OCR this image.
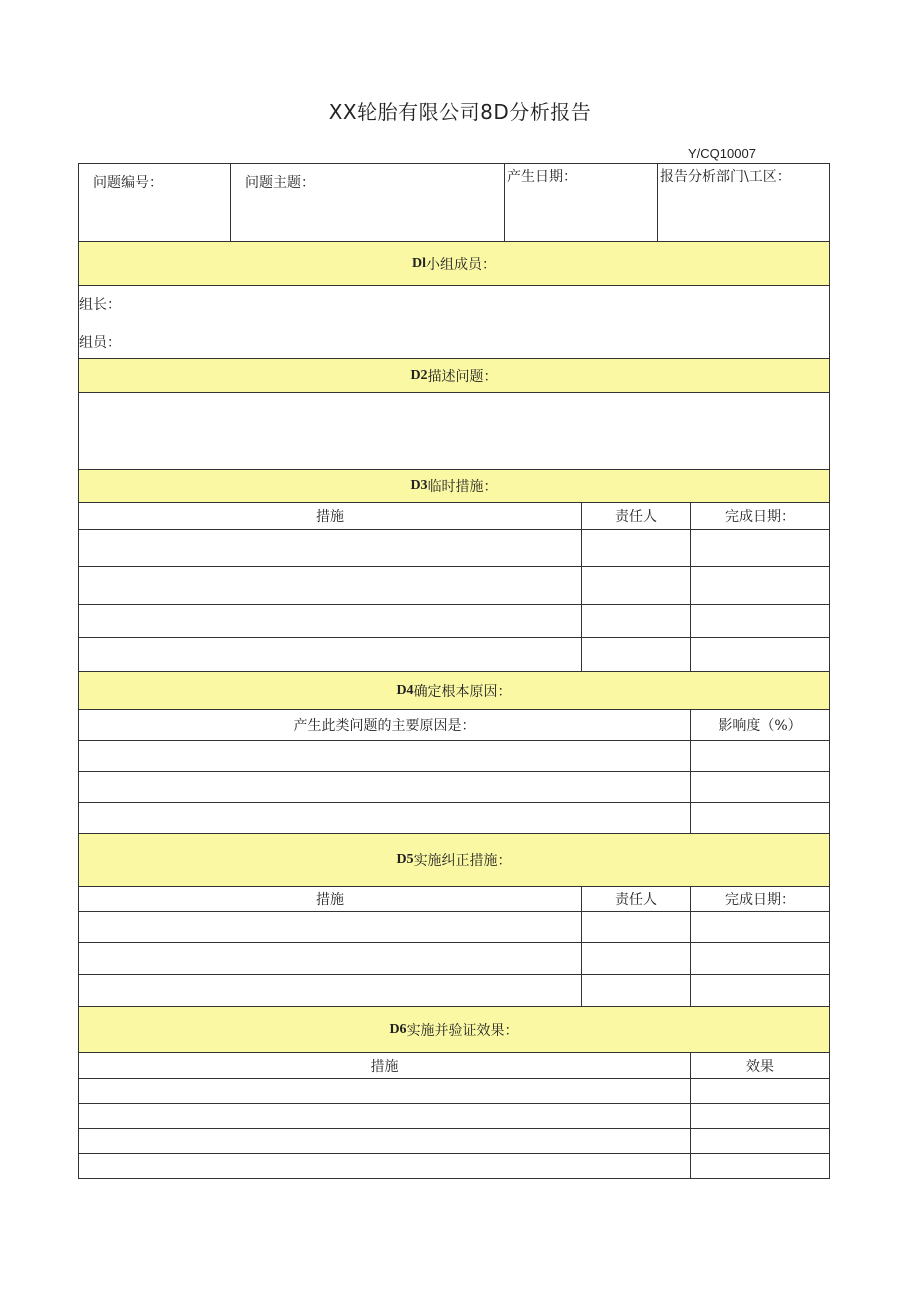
XX轮胎有限公司8D分析报告
Y/CQ10007
问题编号：	问题主题：	产生日期：	报告分析部门\工区：
Dl 小组成员：
组长：
组员：
D2 描述问题：
D3 临时措施：
措施	责任人	完成日期：
D4 确定根本原因：
产生此类问题的主要原因是：	影响度（%）
D5 实施纠正措施：
措施	责任人	完成日期：
D6 实施并验证效果：
措施	效果
